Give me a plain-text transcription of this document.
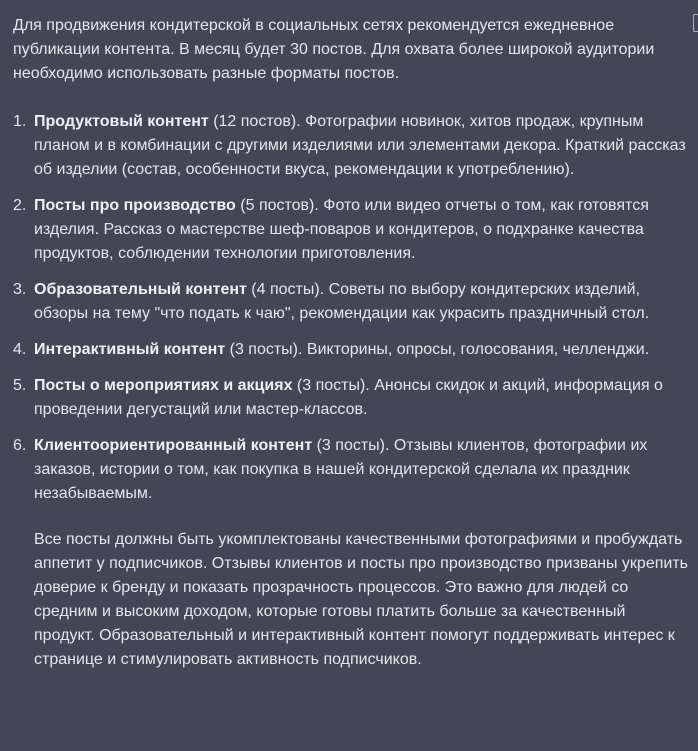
Для продвижения кондитерской в социальных сетях рекомендуется ежедневное публикации контента. В месяц будет 30 постов. Для охвата более широкой аудитории необходимо использовать разные форматы постов.

1. Продуктовый контент (12 постов). Фотографии новинок, хитов продаж, крупным планом и в комбинации с другими изделиями или элементами декора. Краткий рассказ об изделии (состав, особенности вкуса, рекомендации к употреблению).
2. Посты про производство (5 постов). Фото или видео отчеты о том, как готовятся изделия. Рассказ о мастерстве шеф-поваров и кондитеров, о подхранке качества продуктов, соблюдении технологии приготовления.
3. Образовательный контент (4 посты). Советы по выбору кондитерских изделий, обзоры на тему "что подать к чаю", рекомендации как украсить праздничный стол.
4. Интерактивный контент (3 посты). Викторины, опросы, голосования, челленджи.
5. Посты о мероприятиях и акциях (3 посты). Анонсы скидок и акций, информация о проведении дегустаций или мастер-классов.
6. Клиентоориентированный контент (3 посты). Отзывы клиентов, фотографии их заказов, истории о том, как покупка в нашей кондитерской сделала их праздник незабываемым.

Все посты должны быть укомплектованы качественными фотографиями и пробуждать аппетит у подписчиков. Отзывы клиентов и посты про производство призваны укрепить доверие к бренду и показать прозрачность процессов. Это важно для людей со средним и высоким доходом, которые готовы платить больше за качественный продукт. Образовательный и интерактивный контент помогут поддерживать интерес к странице и стимулировать активность подписчиков.
